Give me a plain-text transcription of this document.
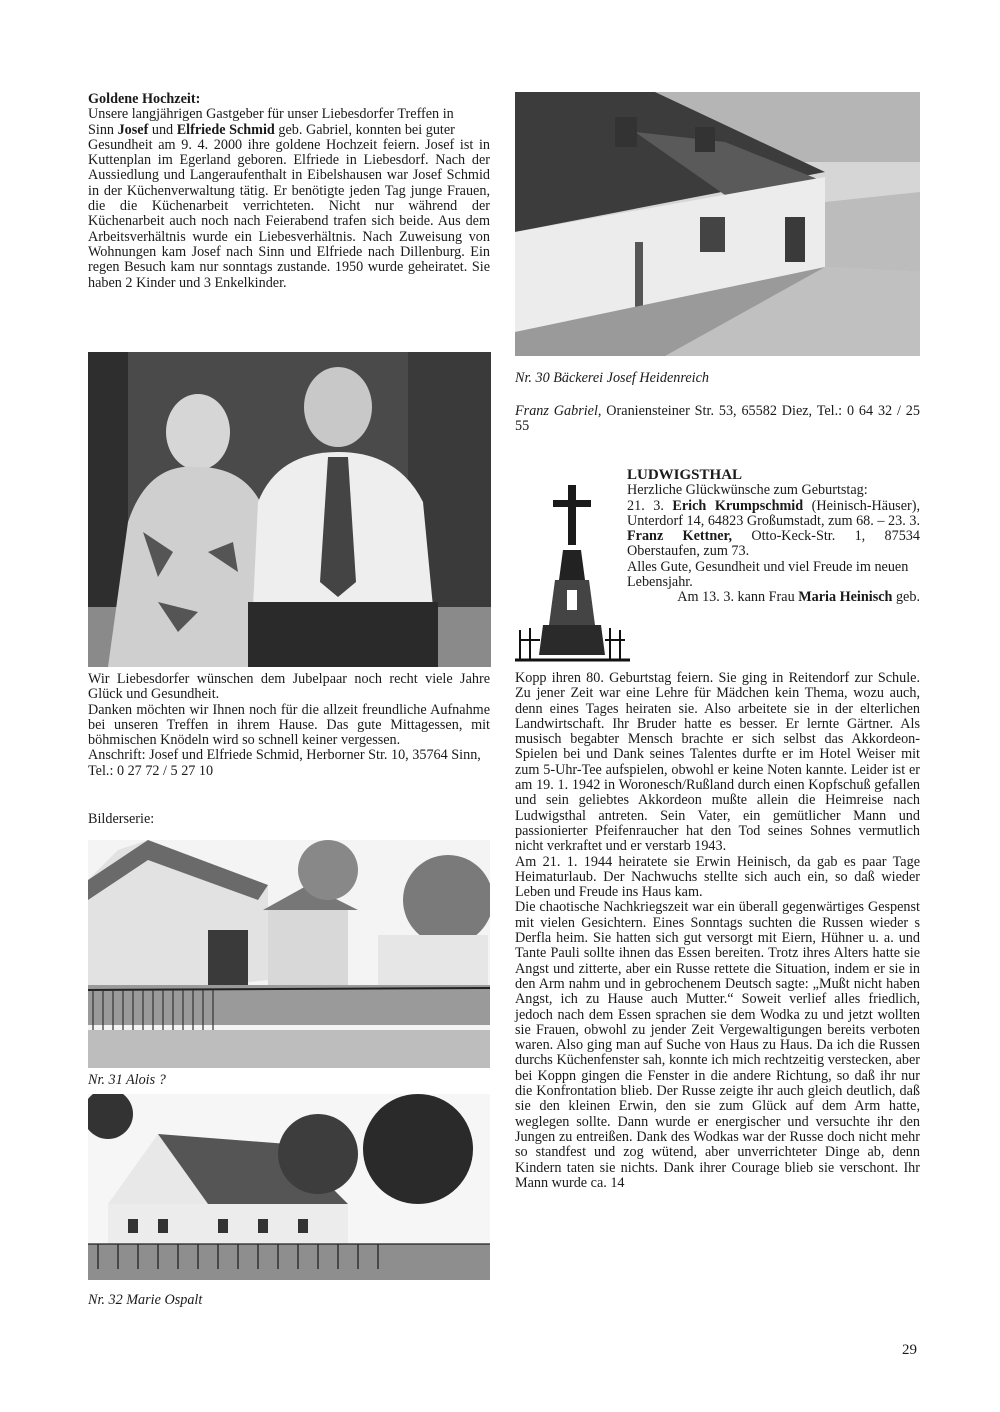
Goldene Hochzeit:

Unsere langjährigen Gastgeber für unser Liebesdorfer Treffen in

Sinn Josef und Elfriede Schmid geb. Gabriel, konnten bei guter

Gesundheit am 9. 4. 2000 ihre goldene Hochzeit feiern. Josef ist in Kuttenplan im Egerland geboren. Elfriede in Liebesdorf. Nach der Aussiedlung und Langeraufenthalt in Eibelshausen war Josef Schmid in der Küchenverwaltung tätig. Er benötigte jeden Tag junge Frauen, die die Küchenarbeit verrichteten. Nicht nur während der Küchenarbeit auch noch nach Feierabend trafen sich beide. Aus dem Arbeitsverhältnis wurde ein Liebesverhältnis. Nach Zuweisung von Wohnungen kam Josef nach Sinn und Elfriede nach Dillenburg. Ein regen Besuch kam nur sonntags zustande. 1950 wurde geheiratet. Sie haben 2 Kinder und 3 Enkelkinder.

Wir Liebesdorfer wünschen dem Jubelpaar noch recht viele Jahre Glück und Gesundheit.

Danken möchten wir Ihnen noch für die allzeit freundliche Aufnahme bei unseren Treffen in ihrem Hause. Das gute Mittagessen, mit böhmischen Knödeln wird so schnell keiner vergessen.

Anschrift: Josef und Elfriede Schmid, Herborner Str. 10, 35764 Sinn, Tel.: 0 27 72 / 5 27 10

Bilderserie:
Nr. 31 Alois ?
Nr. 32 Marie Ospalt
Nr. 30 Bäckerei Josef Heidenreich

Franz Gabriel, Oraniensteiner Str. 53, 65582 Diez, Tel.: 0 64 32 / 25 55

LUDWIGSTHAL

Herzliche Glückwünsche zum Geburtstag:

21. 3. Erich Krumpschmid (Heinisch-Häuser), Unterdorf 14, 64823 Großumstadt, zum 68. – 23. 3. Franz Kettner, Otto-Keck-Str. 1, 87534 Oberstaufen, zum 73.

Alles Gute, Gesundheit und viel Freude im neuen Lebensjahr.

Am 13. 3. kann Frau Maria Heinisch geb.

Kopp ihren 80. Geburtstag feiern. Sie ging in Reitendorf zur Schule. Zu jener Zeit war eine Lehre für Mädchen kein Thema, wozu auch, denn eines Tages heiraten sie. Also arbeitete sie in der elterlichen Landwirtschaft. Ihr Bruder hatte es besser. Er lernte Gärtner. Als musisch begabter Mensch brachte er sich selbst das Akkordeon-Spielen bei und Dank seines Talentes durfte er im Hotel Weiser mit zum 5-Uhr-Tee aufspielen, obwohl er keine Noten kannte. Leider ist er am 19. 1. 1942 in Woronesch/Rußland durch einen Kopfschuß gefallen und sein geliebtes Akkordeon mußte allein die Heimreise nach Ludwigsthal antreten. Sein Vater, ein gemütlicher Mann und passionierter Pfeifenraucher hat den Tod seines Sohnes vermutlich nicht verkraftet und er verstarb 1943.

Am 21. 1. 1944 heiratete sie Erwin Heinisch, da gab es paar Tage Heimaturlaub. Der Nachwuchs stellte sich auch ein, so daß wieder Leben und Freude ins Haus kam.

Die chaotische Nachkriegszeit war ein überall gegenwärtiges Gespenst mit vielen Gesichtern. Eines Sonntags suchten die Russen wieder s Derfla heim. Sie hatten sich gut versorgt mit Eiern, Hühner u. a. und Tante Pauli sollte ihnen das Essen bereiten. Trotz ihres Alters hatte sie Angst und zitterte, aber ein Russe rettete die Situation, indem er sie in den Arm nahm und in gebrochenem Deutsch sagte: „Mußt nicht haben Angst, ich zu Hause auch Mutter.“ Soweit verlief alles friedlich, jedoch nach dem Essen sprachen sie dem Wodka zu und jetzt wollten sie Frauen, obwohl zu jender Zeit Vergewaltigungen bereits verboten waren. Also ging man auf Suche von Haus zu Haus. Da ich die Russen durchs Küchenfenster sah, konnte ich mich rechtzeitig verstecken, aber bei Koppn gingen die Fenster in die andere Richtung, so daß ihr nur die Konfrontation blieb. Der Russe zeigte ihr auch gleich deutlich, daß sie den kleinen Erwin, den sie zum Glück auf dem Arm hatte, weglegen sollte. Dann wurde er energischer und versuchte ihr den Jungen zu entreißen. Dank des Wodkas war der Russe doch nicht mehr so standfest und zog wütend, aber unverrichteter Dinge ab, denn Kindern taten sie nichts. Dank ihrer Courage blieb sie verschont. Ihr Mann wurde ca. 14

29
